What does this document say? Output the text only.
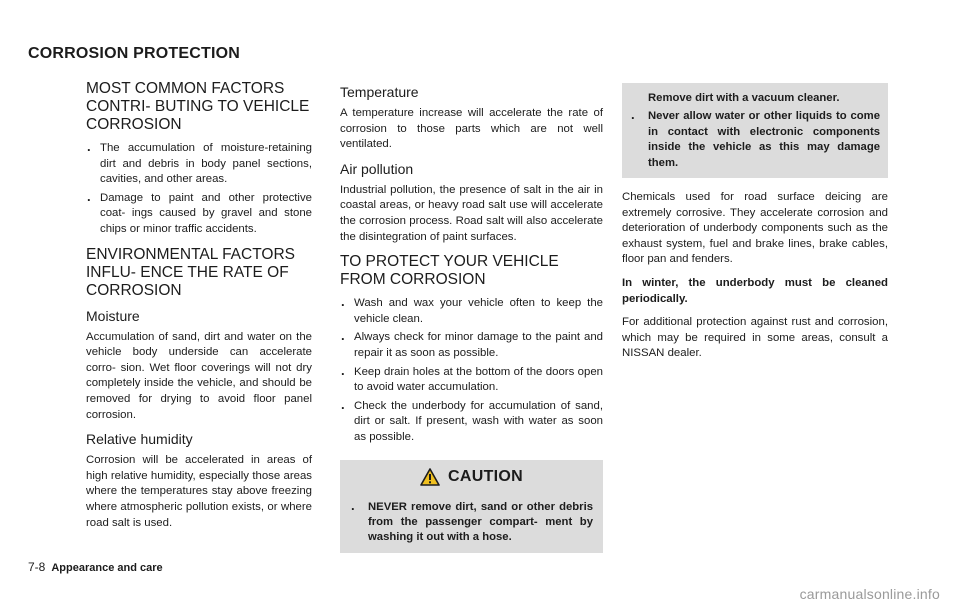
CORROSION PROTECTION
MOST COMMON FACTORS CONTRI- BUTING TO VEHICLE CORROSION
. The accumulation of moisture-retaining dirt and debris in body panel sections, cavities, and other areas.
. Damage to paint and other protective coat- ings caused by gravel and stone chips or minor traffic accidents.
ENVIRONMENTAL FACTORS INFLU- ENCE THE RATE OF CORROSION
Moisture

Accumulation of sand, dirt and water on the vehicle body underside can accelerate corro- sion. Wet floor coverings will not dry completely inside the vehicle, and should be removed for drying to avoid floor panel corrosion.

Relative humidity

Corrosion will be accelerated in areas of high relative humidity, especially those areas where the temperatures stay above freezing where atmospheric pollution exists, or where road salt is used.

Temperature

A temperature increase will accelerate the rate of corrosion to those parts which are not well ventilated.

Air pollution

Industrial pollution, the presence of salt in the air in coastal areas, or heavy road salt use will accelerate the corrosion process. Road salt will also accelerate the disintegration of paint surfaces.

TO PROTECT YOUR VEHICLE FROM CORROSION
. Wash and wax your vehicle often to keep the vehicle clean.
. Always check for minor damage to the paint and repair it as soon as possible.
. Keep drain holes at the bottom of the doors open to avoid water accumulation.
. Check the underbody for accumulation of sand, dirt or salt. If present, wash with water as soon as possible.
CAUTION
. NEVER remove dirt, sand or other debris from the passenger compart- ment by washing it out with a hose.

Remove dirt with a vacuum cleaner.

. Never allow water or other liquids to come in contact with electronic components inside the vehicle as this may damage them.

Chemicals used for road surface deicing are extremely corrosive. They accelerate corrosion and deterioration of underbody components such as the exhaust system, fuel and brake lines, brake cables, floor pan and fenders.

In winter, the underbody must be cleaned periodically.

For additional protection against rust and corrosion, which may be required in some areas, consult a NISSAN dealer.

7-8 Appearance and care
carmanualsonline.info
